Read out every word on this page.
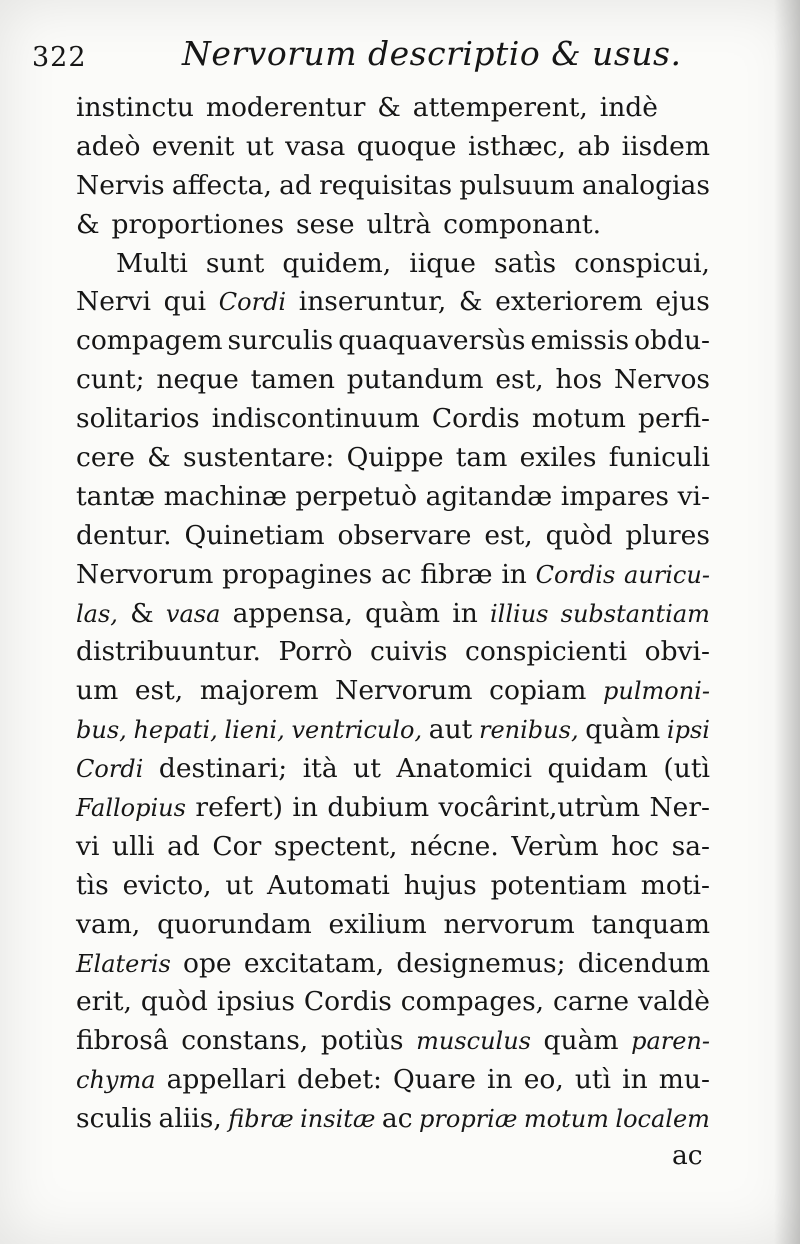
322	Nervorum descriptio & usus.
instinctu moderentur & attemperent, indè
adeò evenit ut vasa quoque isthæc, ab iisdem
Nervis affecta, ad requisitas pulsuum analogias
& proportiones sese ultrà componant.
Multi sunt quidem, iique satìs conspicui,
Nervi qui Cordi inseruntur, & exteriorem ejus
compagem surculis quaquaversùs emissis obdu-
cunt; neque tamen putandum est, hos Nervos
solitarios indiscontinuum Cordis motum perfi-
cere & sustentare: Quippe tam exiles funiculi
tantæ machinæ perpetuò agitandæ impares vi-
dentur. Quinetiam observare est, quòd plures
Nervorum propagines ac fibræ in Cordis auricu-
las, & vasa appensa, quàm in illius substantiam
distribuuntur. Porrò cuivis conspicienti obvi-
um est, majorem Nervorum copiam pulmoni-
bus, hepati, lieni, ventriculo, aut renibus, quàm ipsi
Cordi destinari; ità ut Anatomici quidam (utì
Fallopius refert) in dubium vocârint,utrùm Ner-
vi ulli ad Cor spectent, nécne. Verùm hoc sa-
tìs evicto, ut Automati hujus potentiam moti-
vam, quorundam exilium nervorum tanquam
Elateris ope excitatam, designemus; dicendum
erit, quòd ipsius Cordis compages, carne valdè
fibrosâ constans, potiùs musculus quàm paren-
chyma appellari debet: Quare in eo, utì in mu-
sculis aliis, fibræ insitæ ac propriæ motum localem
ac
